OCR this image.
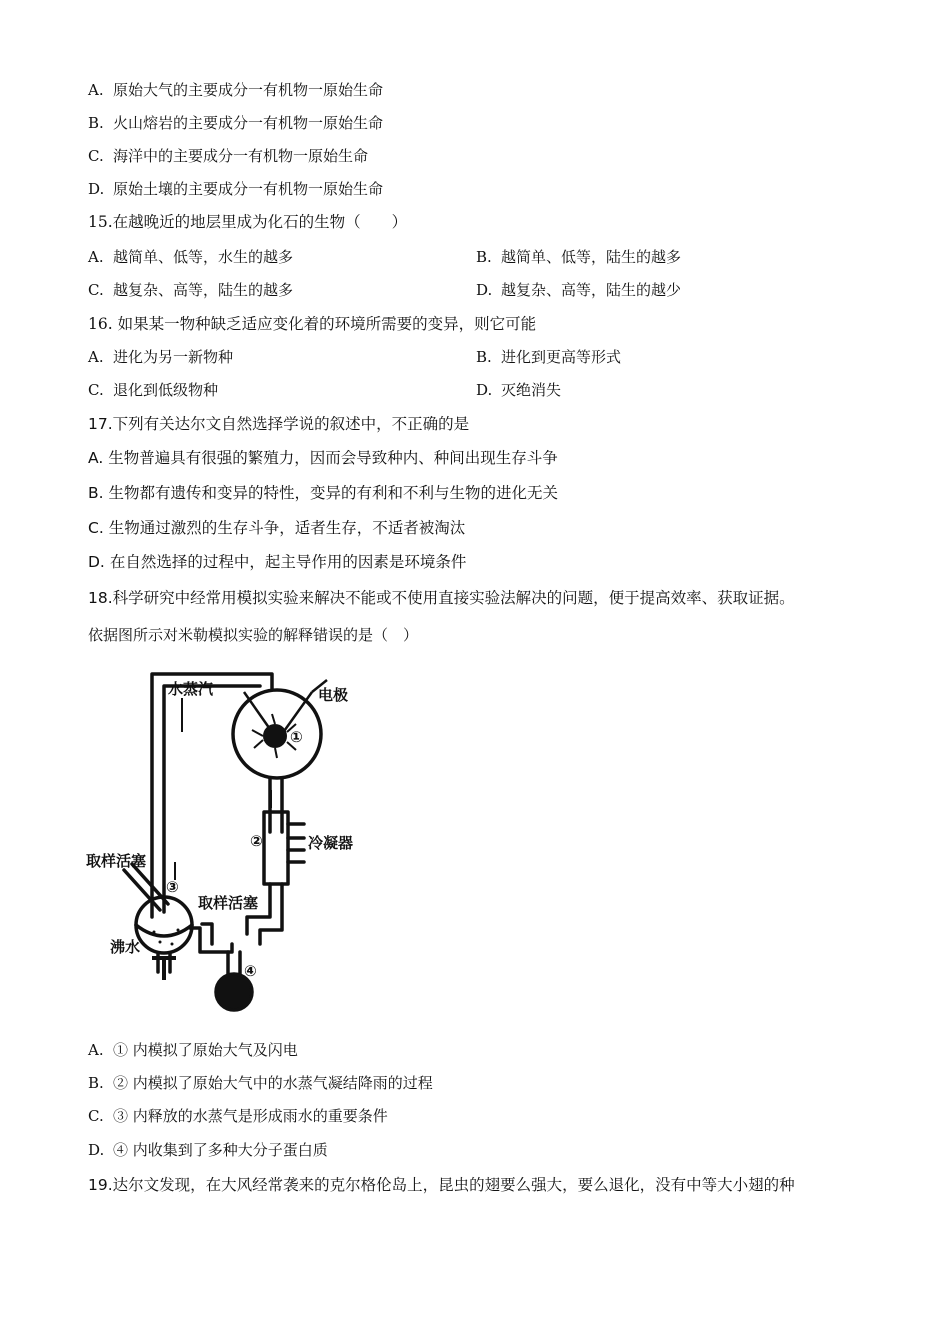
A. 原始大气的主要成分一有机物一原始生命
B. 火山熔岩的主要成分一有机物一原始生命
C. 海洋中的主要成分一有机物一原始生命
D. 原始土壤的主要成分一有机物一原始生命
15.在越晚近的地层里成为化石的生物（　　）
A. 越简单、低等，水生的越多	B. 越简单、低等，陆生的越多
C. 越复杂、高等，陆生的越多	D. 越复杂、高等，陆生的越少
16. 如果某一物种缺乏适应变化着的环境所需要的变异，则它可能
A. 进化为另一新物种	B. 进化到更高等形式
C. 退化到低级物种	D. 灭绝消失
17.下列有关达尔文自然选择学说的叙述中，不正确的是
A. 生物普遍具有很强的繁殖力，因而会导致种内、种间出现生存斗争
B. 生物都有遗传和变异的特性，变异的有利和不利与生物的进化无关
C. 生物通过激烈的生存斗争，适者生存，不适者被淘汰
D. 在自然选择的过程中，起主导作用的因素是环境条件
18.科学研究中经常用模拟实验来解决不能或不使用直接实验法解决的问题，便于提高效率、获取证据。
依据图所示对米勒模拟实验的解释错误的是（　）
水蒸汽	电极
冷凝器
取样活塞
取样活塞
沸水
①
②
③
④
A. ① 内模拟了原始大气及闪电
B. ② 内模拟了原始大气中的水蒸气凝结降雨的过程
C. ③ 内释放的水蒸气是形成雨水的重要条件
D. ④ 内收集到了多种大分子蛋白质
19.达尔文发现，在大风经常袭来的克尔格伦岛上，昆虫的翅要么强大，要么退化，没有中等大小翅的种
